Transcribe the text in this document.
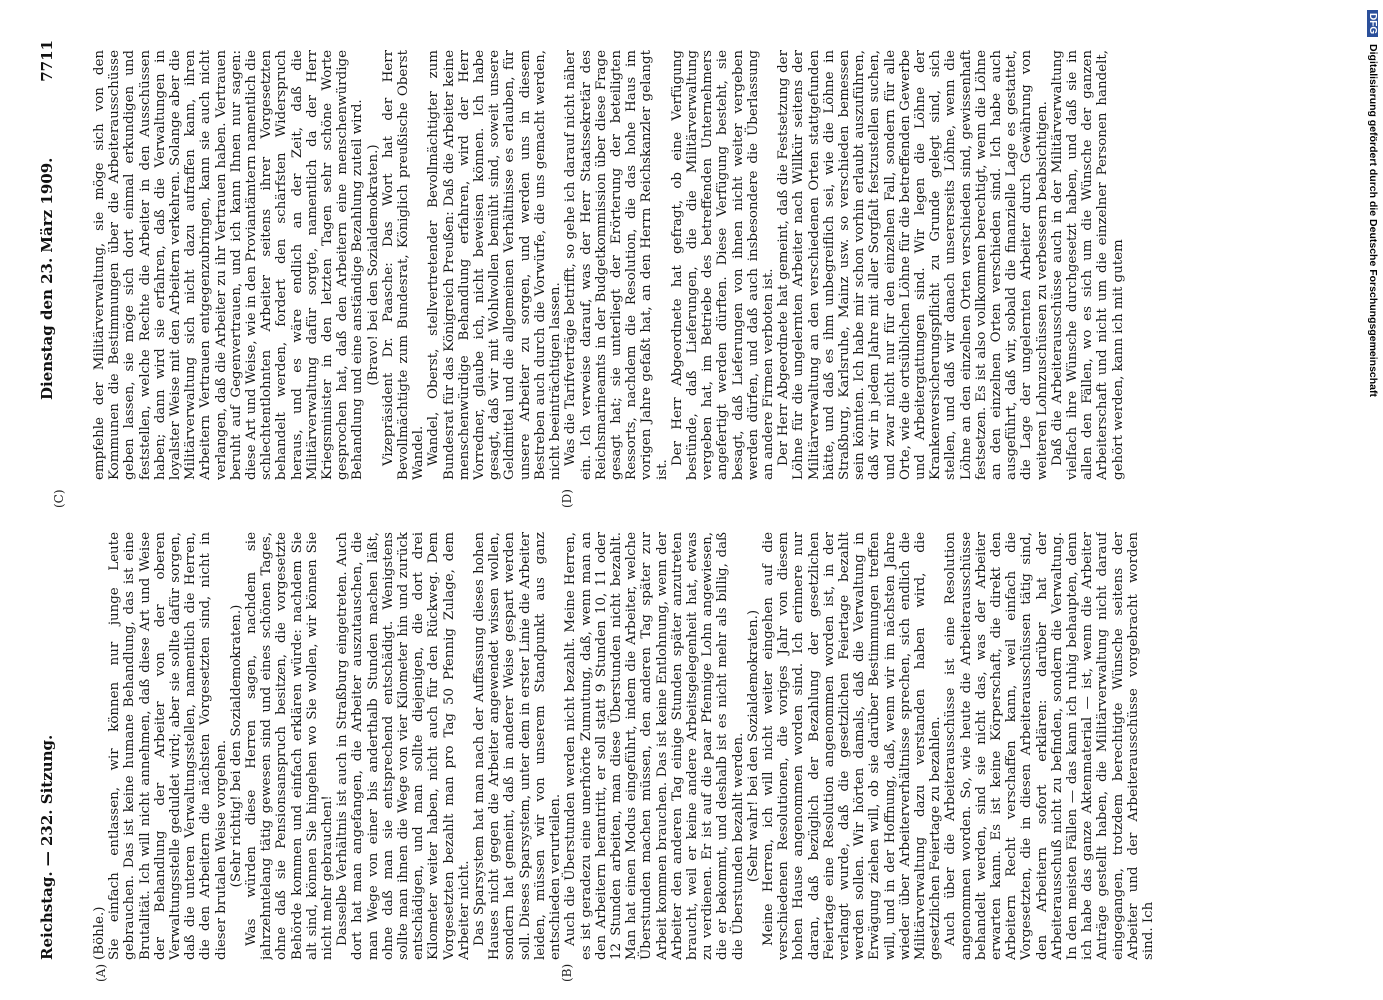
Reichstag. — 232. Sitzung.
Dienstag den 23. März 1909.
7711
(A)	(B)
(C)	(D)

(Böhle.) Sie einfach entlassen, wir können nur junge Leute gebrauchen. Das ist keine humane Behandlung, das ist eine Brutalität. Ich will nicht annehmen, daß diese Art und Weise der Behandlung der Arbeiter von der oberen Verwaltungsstelle geduldet wird; aber sie sollte dafür sorgen, daß die unteren Verwaltungsstellen, namentlich die Herren, die den Arbeitern die nächsten Vorgesetzten sind, nicht in dieser brutalen Weise vorgehen. (Sehr richtig! bei den Sozialdemokraten.) Was würden diese Herren sagen, nachdem sie jahrzehntelang tätig gewesen sind und eines schönen Tages, ohne daß sie Pensionsanspruch besitzen, die vorgesetzte Behörde kommen und einfach erklären würde: nachdem Sie alt sind, können Sie hingehen wo Sie wollen, wir können Sie nicht mehr gebrauchen! Dasselbe Verhältnis ist auch in Straßburg eingetreten. Auch dort hat man angefangen, die Arbeiter auszutauschen, die man Wege von einer bis anderthalb Stunden machen läßt, ohne daß man sie entsprechend entschädigt. Wenigstens sollte man ihnen die Wege von vier Kilometer hin und zurück entschädigen, und man sollte diejenigen, die dort drei Kilometer weiter haben, nicht auch für den Rückweg. Dem Vorgesetzten bezahlt man pro Tag 50 Pfennig Zulage, dem Arbeiter nicht. Das Sparsystem hat man nach der Auffassung dieses hohen Hauses nicht gegen die Arbeiter angewendet wissen wollen, sondern hat gemeint, daß in anderer Weise gespart werden soll. Dieses Sparsystem, unter dem in erster Linie die Arbeiter leiden, müssen wir von unserem Standpunkt aus ganz entschieden verurteilen. Auch die Überstunden werden nicht bezahlt. Meine Herren, es ist geradezu eine unerhörte Zumutung, daß, wenn man an den Arbeitern herantritt, er soll statt 9 Stunden 10, 11 oder 12 Stunden arbeiten, man diese Überstunden nicht bezahlt. Man hat einen Modus eingeführt, indem die Arbeiter, welche Überstunden machen müssen, den anderen Tag später zur Arbeit kommen brauchen. Das ist keine Entlohnung, wenn der Arbeiter den anderen Tag einige Stunden später anzutreten braucht, weil er keine andere Arbeitsgelegenheit hat, etwas zu verdienen. Er ist auf die paar Pfennige Lohn angewiesen, die er bekommt, und deshalb ist es nicht mehr als billig, daß die Überstunden bezahlt werden. (Sehr wahr! bei den Sozialdemokraten.) Meine Herren, ich will nicht weiter eingehen auf die verschiedenen Resolutionen, die voriges Jahr von diesem hohen Hause angenommen worden sind. Ich erinnere nur daran, daß bezüglich der Bezahlung der gesetzlichen Feiertage eine Resolution angenommen worden ist, in der verlangt wurde, daß die gesetzlichen Feiertage bezahlt werden sollen. Wir hörten damals, daß die Verwaltung in Erwägung ziehen will, ob sie darüber Bestimmungen treffen will, und in der Hoffnung, daß, wenn wir im nächsten Jahre wieder über Arbeiterverhältnisse sprechen, sich endlich die Militärverwaltung dazu verstanden haben wird, die gesetzlichen Feiertage zu bezahlen. Auch über die Arbeiterausschüsse ist eine Resolution angenommen worden. So, wie heute die Arbeiterausschüsse behandelt werden, sind sie nicht das, was der Arbeiter erwarten kann. Es ist keine Körperschaft, die direkt den Arbeitern Recht verschaffen kann, weil einfach die Vorgesetzten, die in diesen Arbeiterausschüssen tätig sind, den Arbeitern sofort erklären: darüber hat der Arbeiterausschuß nicht zu befinden, sondern die Verwaltung. In den meisten Fällen — das kann ich ruhig behaupten, denn ich habe das ganze Aktenmaterial — ist, wenn die Arbeiter Anträge gestellt haben, die Militärverwaltung nicht darauf eingegangen, trotzdem berechtigte Wünsche seitens der Arbeiter und der Arbeiterausschüsse vorgebracht worden sind. Ich

empfehle der Militärverwaltung, sie möge sich von den Kommunen die Bestimmungen über die Arbeiterausschüsse geben lassen, sie möge sich dort einmal erkundigen und feststellen, welche Rechte die Arbeiter in den Ausschüssen haben; dann wird sie erfahren, daß die Verwaltungen in loyalster Weise mit den Arbeitern verkehren. Solange aber die Militärverwaltung sich nicht dazu aufraffen kann, ihren Arbeitern Vertrauen entgegenzubringen, kann sie auch nicht verlangen, daß die Arbeiter zu ihr Vertrauen haben. Vertrauen beruht auf Gegenvertrauen, und ich kann Ihnen nur sagen: diese Art und Weise, wie in den Proviantämtern namentlich die schlechtentlohnten Arbeiter seitens ihrer Vorgesetzten behandelt werden, fordert den schärfsten Widerspruch heraus, und es wäre endlich an der Zeit, daß die Militärverwaltung dafür sorgte, namentlich da der Herr Kriegsminister in den letzten Tagen sehr schöne Worte gesprochen hat, daß den Arbeitern eine menschenwürdige Behandlung und eine anständige Bezahlung zuteil wird. (Bravo! bei den Sozialdemokraten.) Vizepräsident Dr. Paasche: Das Wort hat der Herr Bevollmächtigte zum Bundesrat, Königlich preußische Oberst Wandel. Wandel, Oberst, stellvertretender Bevollmächtigter zum Bundesrat für das Königreich Preußen: Daß die Arbeiter keine menschenwürdige Behandlung erfahren, wird der Herr Vorredner, glaube ich, nicht beweisen können. Ich habe gesagt, daß wir mit Wohlwollen bemüht sind, soweit unsere Geldmittel und die allgemeinen Verhältnisse es erlauben, für unsere Arbeiter zu sorgen, und werden uns in diesem Bestreben auch durch die Vorwürfe, die uns gemacht werden, nicht beeinträchtigen lassen. Was die Tarifverträge betrifft, so gehe ich darauf nicht näher ein. Ich verweise darauf, was der Herr Staatssekretär des Reichsmarineamts in der Budgetkommission über diese Frage gesagt hat; sie unterliegt der Erörterung der beteiligten Ressorts, nachdem die Resolution, die das hohe Haus im vorigen Jahre gefaßt hat, an den Herrn Reichskanzler gelangt ist.

Der Herr Abgeordnete hat gefragt, ob eine Verfügung bestünde, daß Lieferungen, die die Militärverwaltung vergeben hat, im Betriebe des betreffenden Unternehmers angefertigt werden dürften. Diese Verfügung besteht, sie besagt, daß Lieferungen von ihnen nicht weiter vergeben werden dürfen, und daß auch insbesondere die Überlassung an andere Firmen verboten ist. Der Herr Abgeordnete hat gemeint, daß die Festsetzung der Löhne für die ungelernten Arbeiter nach Willkür seitens der Militärverwaltung an den verschiedenen Orten stattgefunden hätte, und daß es ihm unbegreiflich sei, wie die Löhne in Straßburg, Karlsruhe, Mainz usw. so verschieden bemessen sein könnten. Ich habe mir schon vorhin erlaubt auszuführen, daß wir in jedem Jahre mit aller Sorgfalt festzustellen suchen, und zwar nicht nur für den einzelnen Fall, sondern für alle Orte, wie die ortsüblichen Löhne für die betreffenden Gewerbe und Arbeitergattungen sind. Wir legen die Löhne der Krankenversicherungspflicht zu Grunde gelegt sind, sich stellen, und daß wir danach unsererseits Löhne, wenn die Löhne an den einzelnen Orten verschieden sind, gewissenhaft festsetzen. Es ist also vollkommen berechtigt, wenn die Löhne an den einzelnen Orten verschieden sind. Ich habe auch ausgeführt, daß wir, sobald die finanzielle Lage es gestattet, die Lage der ungelernten Arbeiter durch Gewährung von weiteren Lohnzuschüssen zu verbessern beabsichtigen. Daß die Arbeiterausschüsse auch in der Militärverwaltung vielfach ihre Wünsche durchgesetzt haben, und daß sie in allen den Fällen, wo es sich um die Wünsche der ganzen Arbeiterschaft und nicht um die einzelner Personen handelt, gehört werden, kann ich mit gutem

DFG Digitalisierung gefördert durch die Deutsche Forschungsgemeinschaft
